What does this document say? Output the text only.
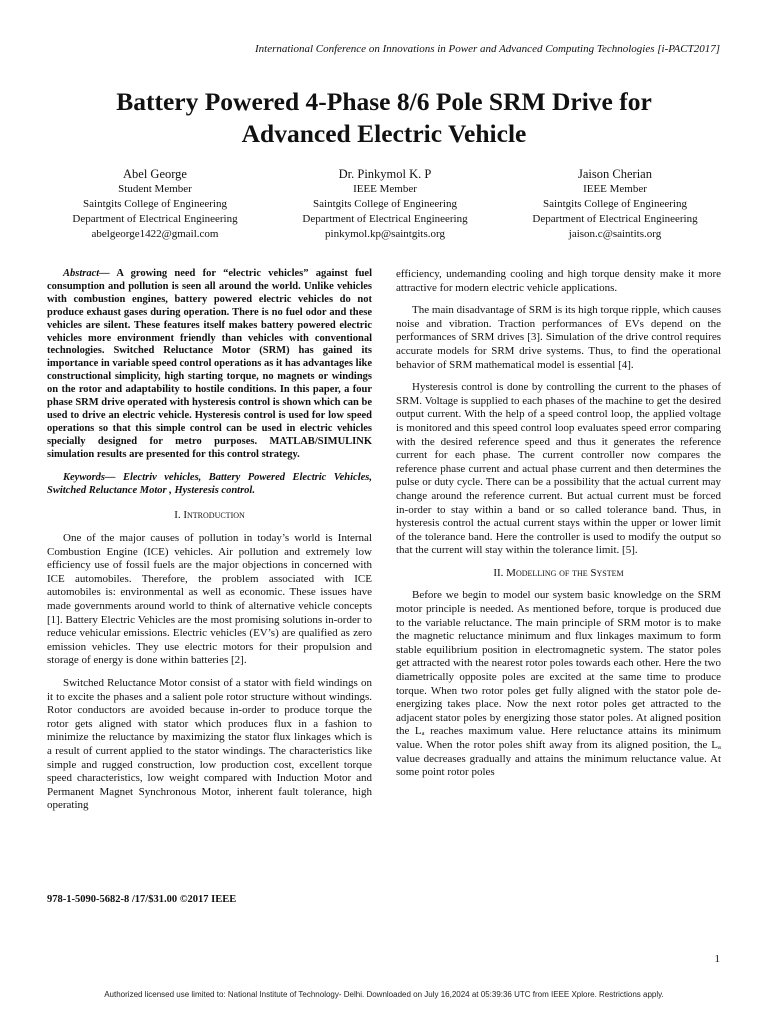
International Conference on Innovations in Power and Advanced Computing Technologies [i-PACT2017]
Battery Powered 4-Phase 8/6 Pole SRM Drive for
Advanced Electric Vehicle
Abel George
Student Member
Saintgits College of Engineering
Department of Electrical Engineering
abelgeorge1422@gmail.com
Dr. Pinkymol K. P
IEEE Member
Saintgits College of Engineering
Department of Electrical Engineering
pinkymol.kp@saintgits.org
Jaison Cherian
IEEE Member
Saintgits College of Engineering
Department of Electrical Engineering
jaison.c@saintits.org
Abstract— A growing need for “electric vehicles” against fuel consumption and pollution is seen all around the world. Unlike vehicles with combustion engines, battery powered electric vehicles do not produce exhaust gases during operation. There is no fuel odor and these vehicles are silent. These features itself makes battery powered electric vehicles more environment friendly than vehicles with conventional technologies. Switched Reluctance Motor (SRM) has gained its importance in variable speed control operations as it has advantages like constructional simplicity, high starting torque, no magnets or windings on the rotor and adaptability to hostile conditions. In this paper, a four phase SRM drive operated with hysteresis control is shown which can be used to drive an electric vehicle. Hysteresis control is used for low speed operations so that this simple control can be used in electric vehicles specially designed for metro purposes. MATLAB/SIMULINK simulation results are presented for this control strategy.
Keywords— Electriv vehicles, Battery Powered Electric Vehicles, Switched Reluctance Motor , Hysteresis control.

I. Introduction

One of the major causes of pollution in today’s world is Internal Combustion Engine (ICE) vehicles. Air pollution and extremely low efficiency use of fossil fuels are the major objections in concerned with ICE automobiles. Therefore, the problem associated with ICE automobiles is: environmental as well as economic. These issues have made governments around world to think of alternative vehicle concepts [1]. Battery Electric Vehicles are the most promising solutions in-order to reduce vehicular emissions. Electric vehicles (EV’s) are qualified as zero emission vehicles. They use electric motors for their propulsion and storage of energy is done within batteries [2].

Switched Reluctance Motor consist of a stator with field windings on it to excite the phases and a salient pole rotor structure without windings. Rotor conductors are avoided because in-order to produce torque the rotor gets aligned with stator which produces flux in a fashion to minimize the reluctance by maximizing the stator flux linkages which is a result of current applied to the stator windings. The characteristics like simple and rugged construction, low production cost, excellent torque speed characteristics, low weight compared with Induction Motor and Permanent Magnet Synchronous Motor, inherent fault tolerance, high operating

efficiency, undemanding cooling and high torque density make it more attractive for modern electric vehicle applications.

The main disadvantage of SRM is its high torque ripple, which causes noise and vibration. Traction performances of EVs depend on the performances of SRM drives [3]. Simulation of the drive control requires accurate models for SRM drive systems. Thus, to find the operational behavior of SRM mathematical model is essential [4].

Hysteresis control is done by controlling the current to the phases of SRM. Voltage is supplied to each phases of the machine to get the desired output current. With the help of a speed control loop, the applied voltage is monitored and this speed control loop evaluates speed error comparing with the desired reference speed and thus it generates the reference current for each phase. The current controller now compares the reference phase current and actual phase current and then determines the pulse or duty cycle. There can be a possibility that the actual current may change around the reference current. But actual current must be forced in-order to stay within a band or so called tolerance band. Thus, in hysteresis control the actual current stays within the upper or lower limit of the tolerance band. Here the controller is used to modify the output so that the current will stay within the tolerance limit. [5].

II. Modelling of the System

Before we begin to model our system basic knowledge on the SRM motor principle is needed. As mentioned before, torque is produced due to the variable reluctance. The main principle of SRM motor is to make the magnetic reluctance minimum and flux linkages maximum to form stable equilibrium position in electromagnetic system. The stator poles get attracted with the nearest rotor poles towards each other. Here the two diametrically opposite poles are excited at the same time to produce torque. When two rotor poles get fully aligned with the stator pole de-energizing takes place. Now the next rotor poles get attracted to the adjacent stator poles by energizing those stator poles. At aligned position the Lₐ reaches maximum value. Here reluctance attains its minimum value. When the rotor poles shift away from its aligned position, the Lₐ value decreases gradually and attains the minimum reluctance value. At some point rotor poles

978-1-5090-5682-8 /17/$31.00 ©2017 IEEE
1
Authorized licensed use limited to: National Institute of Technology- Delhi. Downloaded on July 16,2024 at 05:39:36 UTC from IEEE Xplore. Restrictions apply.
